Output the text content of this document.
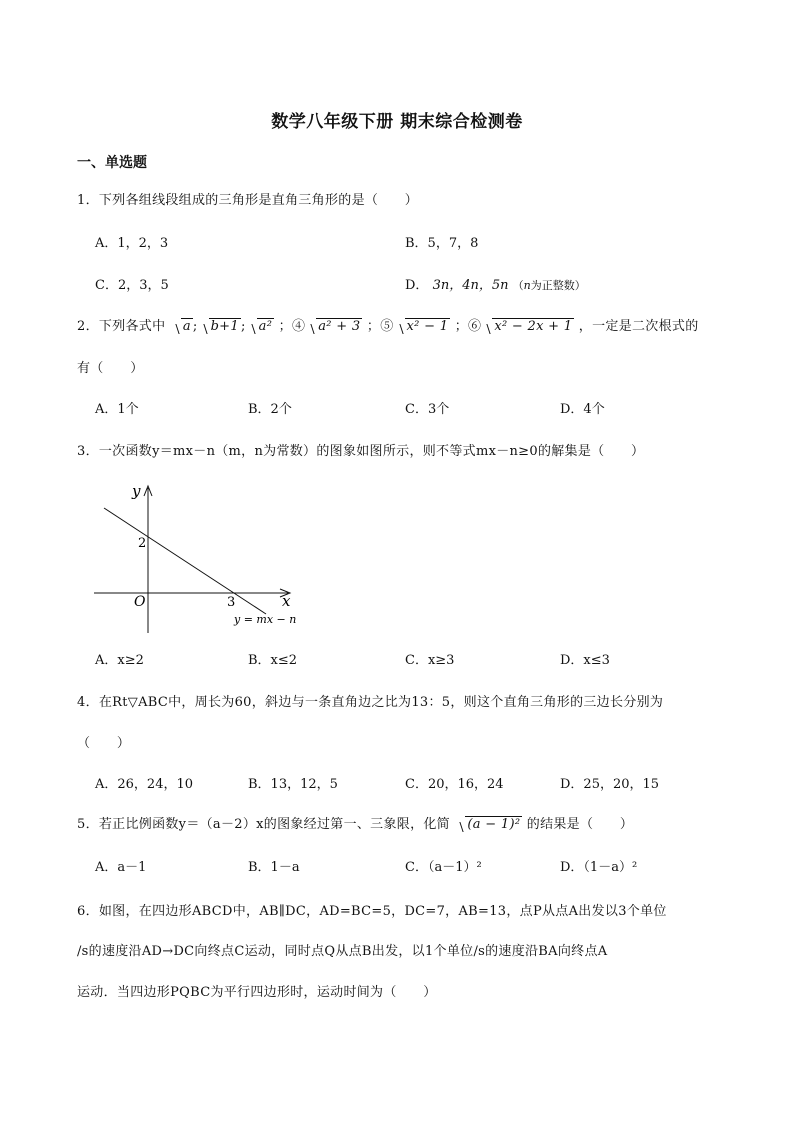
数学八年级下册 期末综合检测卷
一、单选题
1．下列各组线段组成的三角形是直角三角形的是（　　）
A．1，2，3	B．5，7，8
C．2，3，5	D． 3n，4n，5n （n为正整数）
2．下列各式中 a ; b+1 ; a² ；④ a² + 3 ；⑤ x² − 1 ；⑥ x² − 2x + 1 ，一定是二次根式的
有（　　）
A．1个	B．2个	C．3个	D．4个
3．一次函数y＝mx－n（m，n为常数）的图象如图所示，则不等式mx－n≥0的解集是（　　）
y
x
O
2
3
y = mx − n
A．x≥2	B．x≤2	C．x≥3	D．x≤3
4．在Rt▽ABC中，周长为60，斜边与一条直角边之比为13：5，则这个直角三角形的三边长分别为
（　　）
A．26，24，10	B．13，12，5	C．20，16，24	D．25，20，15
5．若正比例函数y＝（a－2）x的图象经过第一、三象限，化简 (a − 1)² 的结果是（　　）
A．a－1	B．1－a	C．（a－1）²	D．（1－a）²
6．如图，在四边形ABCD中，AB∥DC，AD=BC=5，DC=7，AB=13，点P从点A出发以3个单位
/s的速度沿AD→DC向终点C运动，同时点Q从点B出发，以1个单位/s的速度沿BA向终点A
运动．当四边形PQBC为平行四边形时，运动时间为（　　）
